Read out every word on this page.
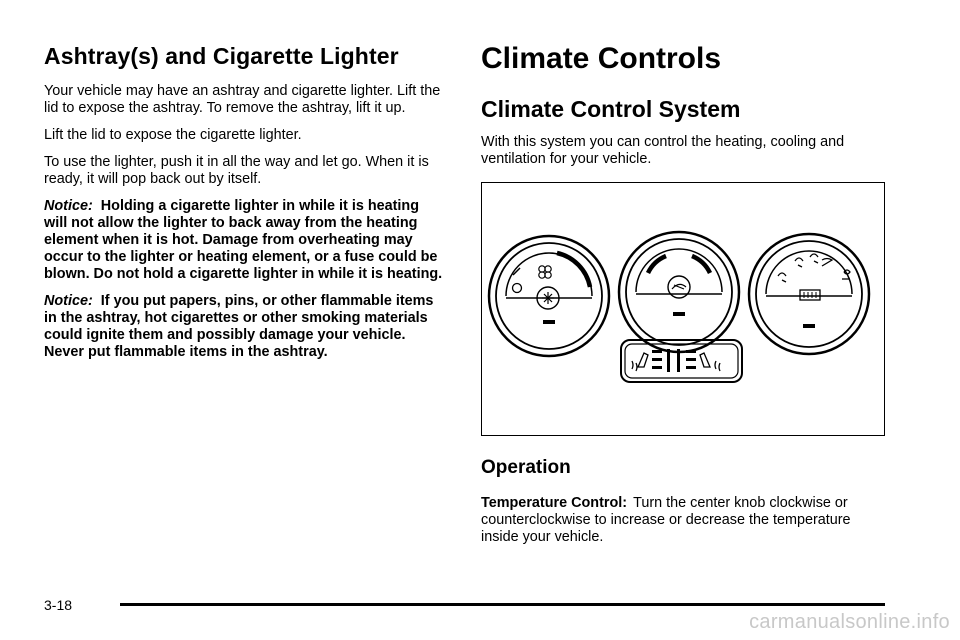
Ashtray(s) and Cigarette Lighter

Your vehicle may have an ashtray and cigarette lighter. Lift the lid to expose the ashtray. To remove the ashtray, lift it up.

Lift the lid to expose the cigarette lighter.

To use the lighter, push it in all the way and let go. When it is ready, it will pop back out by itself.

Notice: Holding a cigarette lighter in while it is heating will not allow the lighter to back away from the heating element when it is hot. Damage from overheating may occur to the lighter or heating element, or a fuse could be blown. Do not hold a cigarette lighter in while it is heating.

Notice: If you put papers, pins, or other flammable items in the ashtray, hot cigarettes or other smoking materials could ignite them and possibly damage your vehicle. Never put flammable items in the ashtray.

Climate Controls
Climate Control System

With this system you can control the heating, cooling and ventilation for your vehicle.

Operation

Temperature Control: Turn the center knob clockwise or counterclockwise to increase or decrease the temperature inside your vehicle.

3-18
carmanualsonline.info
